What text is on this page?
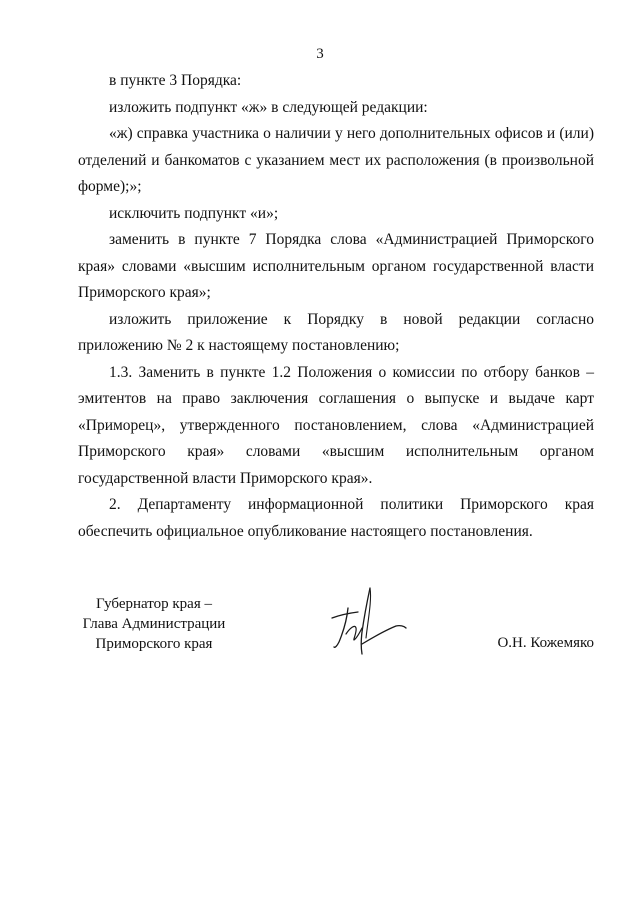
3

в пункте 3 Порядка:

изложить подпункт «ж» в следующей редакции:

«ж) справка участника о наличии у него дополнительных офисов и (или) отделений и банкоматов с указанием мест их расположения (в произвольной форме);»;

исключить подпункт «и»;

заменить в пункте 7 Порядка слова «Администрацией Приморского края» словами «высшим исполнительным органом государственной власти Приморского края»;

изложить приложение к Порядку в новой редакции согласно приложению № 2 к настоящему постановлению;

1.3. Заменить в пункте 1.2 Положения о комиссии по отбору банков – эмитентов на право заключения соглашения о выпуске и выдаче карт «Приморец», утвержденного постановлением, слова «Администрацией Приморского края» словами «высшим исполнительным органом государственной власти Приморского края».

2. Департаменту информационной политики Приморского края обеспечить официальное опубликование настоящего постановления.

Губернатор края –
Глава Администрации
Приморского края	О.Н. Кожемяко
